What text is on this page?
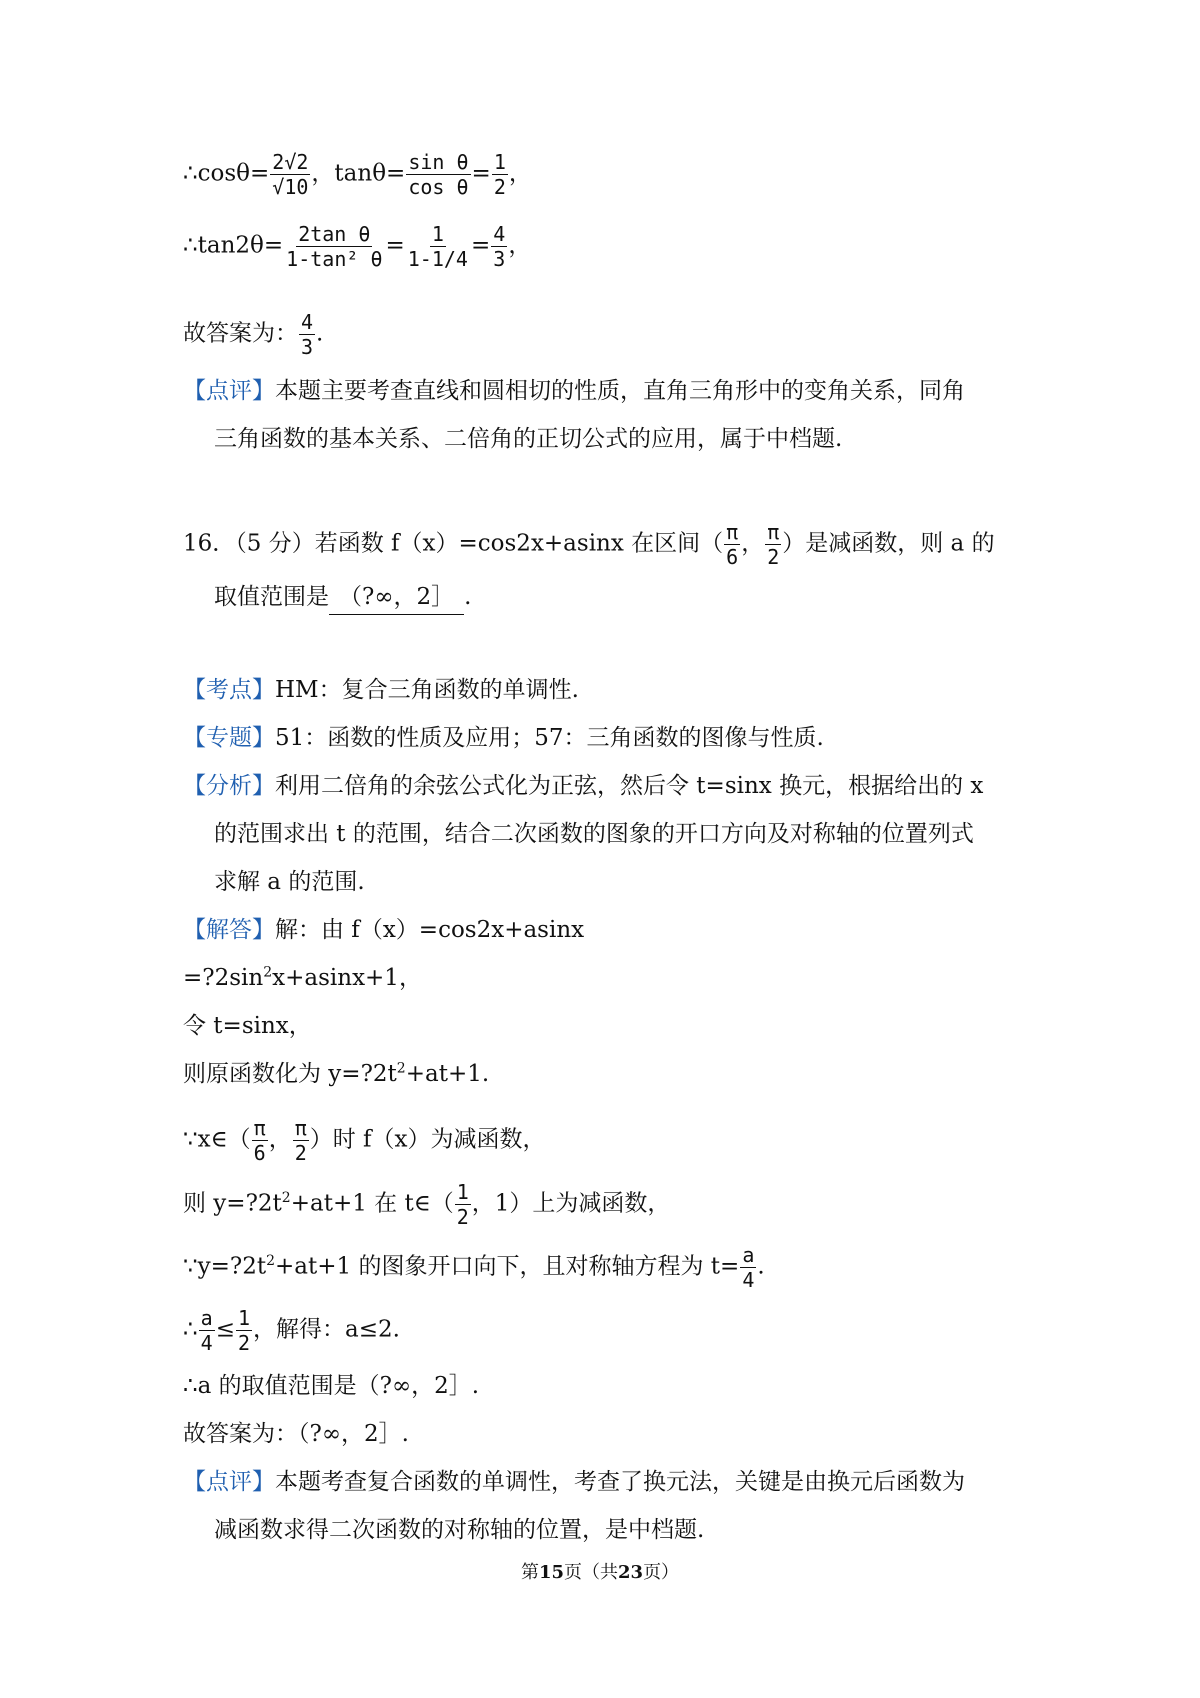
∴cosθ= $\frac{2√2}{√10}$ ，$\tan\theta= \frac{\text{sin θ}}{\text{cos θ}} = \frac{1}{2}$ ，
∴tan2θ= $\frac{\text{2tan θ}}{\text{1-tan² θ}} = \frac{1}{1-1/4} = \frac{4}{3}$ ，
故答案为： $\frac{4}{3}$ .
【点评】本题主要考查直线和圆相切的性质，直角三角形中的变角关系，同角
三角函数的基本关系、二倍角的正切公式的应用，属于中档题.
16．（5 分）若函数 f（x）=cos2x+asinx 在区间（ $\frac{\pi}{6}$ ， $\frac{\pi}{2}$ ）是减函数，则 a 的
取值范围是 （?∞，2］ .
【考点】HM：复合三角函数的单调性.
【专题】51：函数的性质及应用；57：三角函数的图像与性质.
【分析】利用二倍角的余弦公式化为正弦，然后令 t=sinx 换元，根据给出的 x
的范围求出 t 的范围，结合二次函数的图象的开口方向及对称轴的位置列式
求解 a 的范围.
【解答】解：由 f（x）=cos2x+asinx
$=?2\sin^2x+asinx+1$，
令 t=sinx，
则原函数化为 $y=?2t^2+at+1$.
∵x∈（ $\frac{\pi}{6}$ ， $\frac{\pi}{2}$ ）时 f（x）为减函数，
则 $y=?2t^2+at+1$ 在 t∈（ $\frac{1}{2}$ ，1）上为减函数，
$\because y=?2t^2+at+1$ 的图象开口向下，且对称轴方程为 $t= \frac{a}{4}$ .
∴ $\frac{a}{4} \le \frac{1}{2}$ ，解得：a≤2.
∴a 的取值范围是（?∞，2］.
故答案为：（?∞，2］.
【点评】本题考查复合函数的单调性，考查了换元法，关键是由换元后函数为
减函数求得二次函数的对称轴的位置，是中档题.
第15页（共23页）
